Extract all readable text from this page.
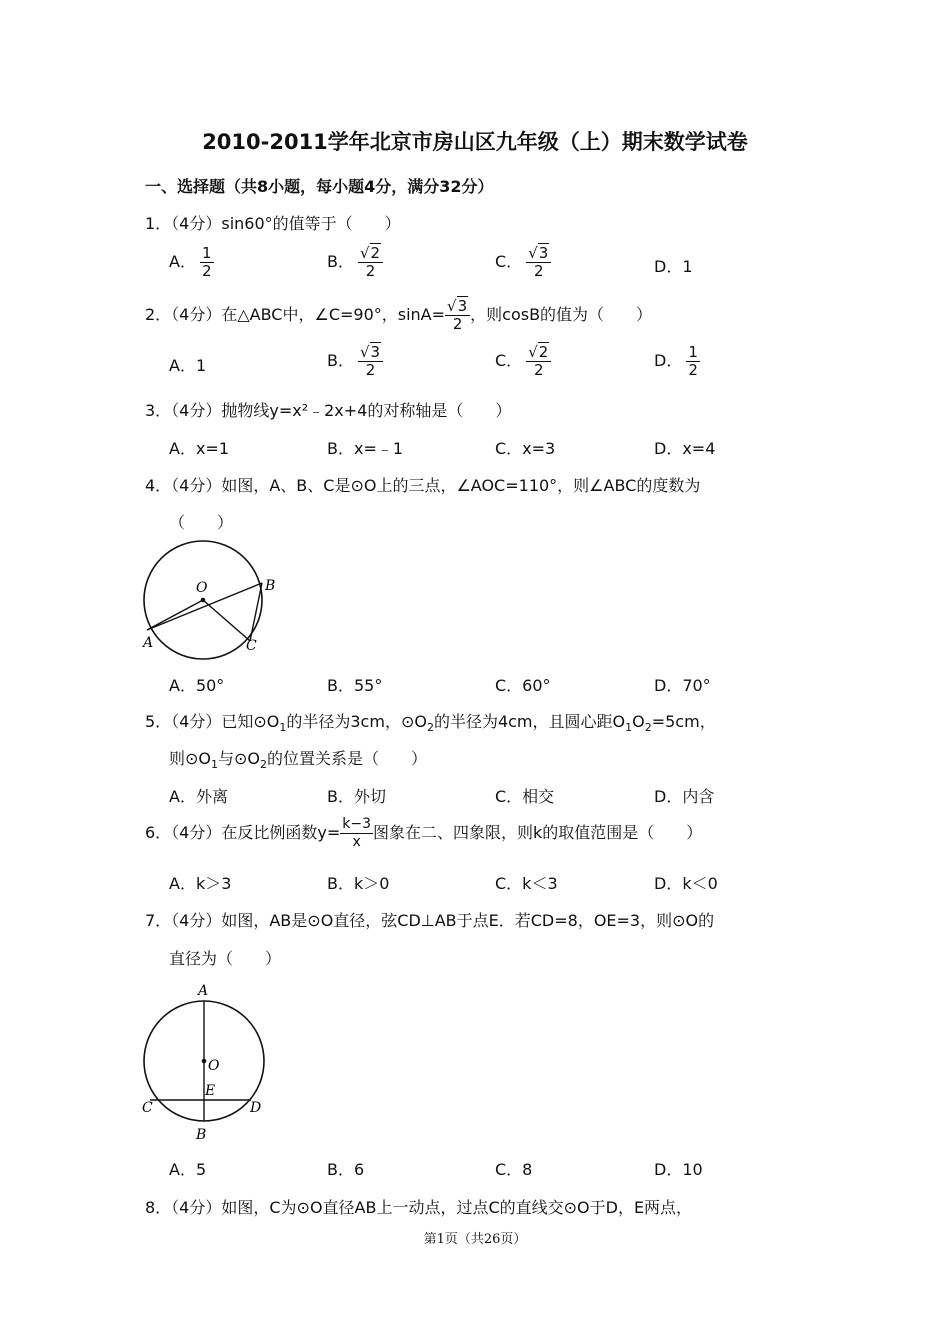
2010-2011学年北京市房山区九年级（上）期末数学试卷
一、选择题（共8小题，每小题4分，满分32分）
1．（4分）sin60°的值等于（　　）
A． $\frac{1}{2}$	B． $\frac{√2}{2}$	C． $\frac{√3}{2}$	D．1
2．（4分）在△ABC中，∠C=90°，$\sin A= \frac{√3}{2}$ ，则cosB的值为（　　）
A．1	B． $\frac{√3}{2}$	C． $\frac{√2}{2}$	D． $\frac{1}{2}$
3．（4分）抛物线y=x²﹣2x+4的对称轴是（　　）
A．x=1	B．x=﹣1	C．x=3	D．x=4
4．（4分）如图，A、B、C是⊙O上的三点，∠AOC=110°，则∠ABC的度数为
（　　）
O
A
B
C
A．50°	B．55°	C．60°	D．70°
5．（4分）已知$⊙O_1$的半径为3cm，$⊙O_2$的半径为4cm，且圆心距$O_1O_2=5cm$，
则$⊙O_1$与$⊙O_2$的位置关系是（　　）
A．外离	B．外切	C．相交	D．内含
6．（4分）在反比例函数$y= \frac{k-3}{x}$ 图象在二、四象限，则k的取值范围是（　　）
A．k＞3	B．k＞0	C．k＜3	D．k＜0
7．（4分）如图，AB是⊙O直径，弦CD⊥AB于点E．若CD=8，OE=3，则⊙O的
直径为（　　）
A
O
E
C	D
B
A．5	B．6	C．8	D．10
8．（4分）如图，C为⊙O直径AB上一动点，过点C的直线交⊙O于D，E两点，
第1页（共26页）
